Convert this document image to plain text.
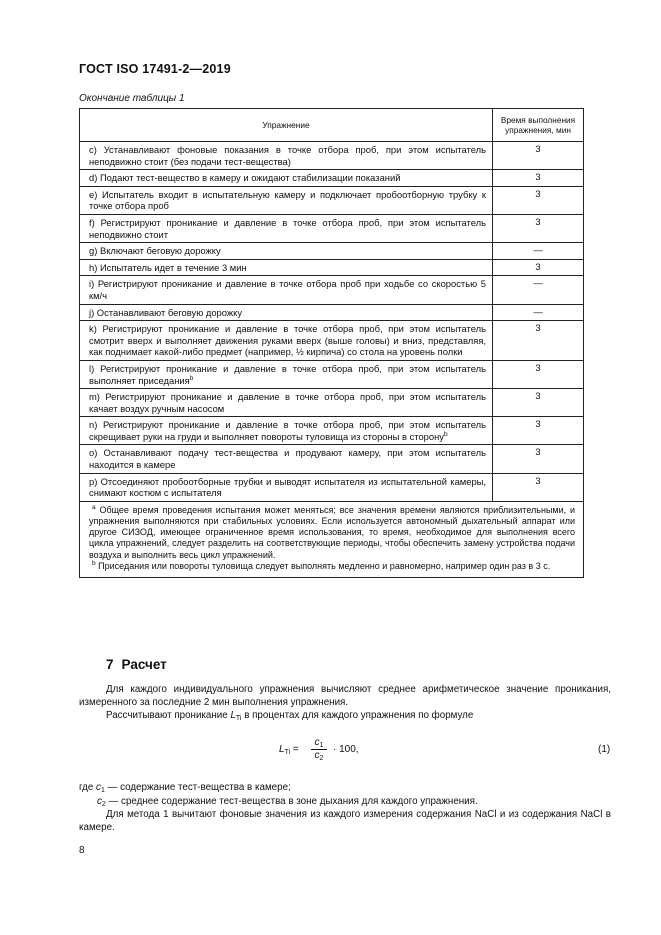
ГОСТ ISO 17491-2—2019
Окончание таблицы 1
Упражнение	Время выполнения упражнения, мин
c) Устанавливают фоновые показания в точке отбора проб, при этом испытатель неподвижно стоит (без подачи тест-вещества)	3
d) Подают тест-вещество в камеру и ожидают стабилизации показаний	3
e) Испытатель входит в испытательную камеру и подключает пробоотборную трубку к точке отбора проб	3
f) Регистрируют проникание и давление в точке отбора проб, при этом испытатель неподвижно стоит	3
g) Включают беговую дорожку	—
h) Испытатель идет в течение 3 мин	3
i) Регистрируют проникание и давление в точке отбора проб при ходьбе со скоростью 5 км/ч	—
j) Останавливают беговую дорожку	—
k) Регистрируют проникание и давление в точке отбора проб, при этом испытатель смотрит вверх и выполняет движения руками вверх (выше головы) и вниз, представляя, как поднимает какой-либо предмет (например, ½ кирпича) со стола на уровень полки	3
l) Регистрируют проникание и давление в точке отбора проб, при этом испытатель выполняет приседания$^b$	3
m) Регистрируют проникание и давление в точке отбора проб, при этом испытатель качает воздух ручным насосом	3
n) Регистрируют проникание и давление в точке отбора проб, при этом испытатель скрещивает руки на груди и выполняет повороты туловища из стороны в сторону$^b$	3
o) Останавливают подачу тест-вещества и продувают камеру, при этом испытатель находится в камере	3
p) Отсоединяют пробоотборные трубки и выводят испытателя из испытательной камеры, снимают костюм с испытателя	3

$^a$ Общее время проведения испытания может меняться; все значения времени являются приблизительными, и упражнения выполняются при стабильных условиях. Если используется автономный дыхательный аппарат или другое СИЗОД, имеющее ограниченное время использования, то время, необходимое для выполнения всего цикла упражнений, следует разделить на соответствующие периоды, чтобы обеспечить замену устройства подачи воздуха и выполнить весь цикл упражнений.

$^b$ Приседания или повороты туловища следует выполнять медленно и равномерно, например один раз в 3 с.	

7 Расчет
Для каждого индивидуального упражнения вычисляют среднее арифметическое значение проникания, измеренного за последние 2 мин выполнения упражнения.
Рассчитывают проникание $L_{Ti}$ в процентах для каждого упражнения по формуле
$L_{Ti} = \frac{c_1}{c_2} \cdot 100$,	(1)
где $c_1$ — содержание тест-вещества в камере;
$c_2$ — среднее содержание тест-вещества в зоне дыхания для каждого упражнения.
Для метода 1 вычитают фоновые значения из каждого измерения содержания NaCl и из содержания NaCl в камере.
8
